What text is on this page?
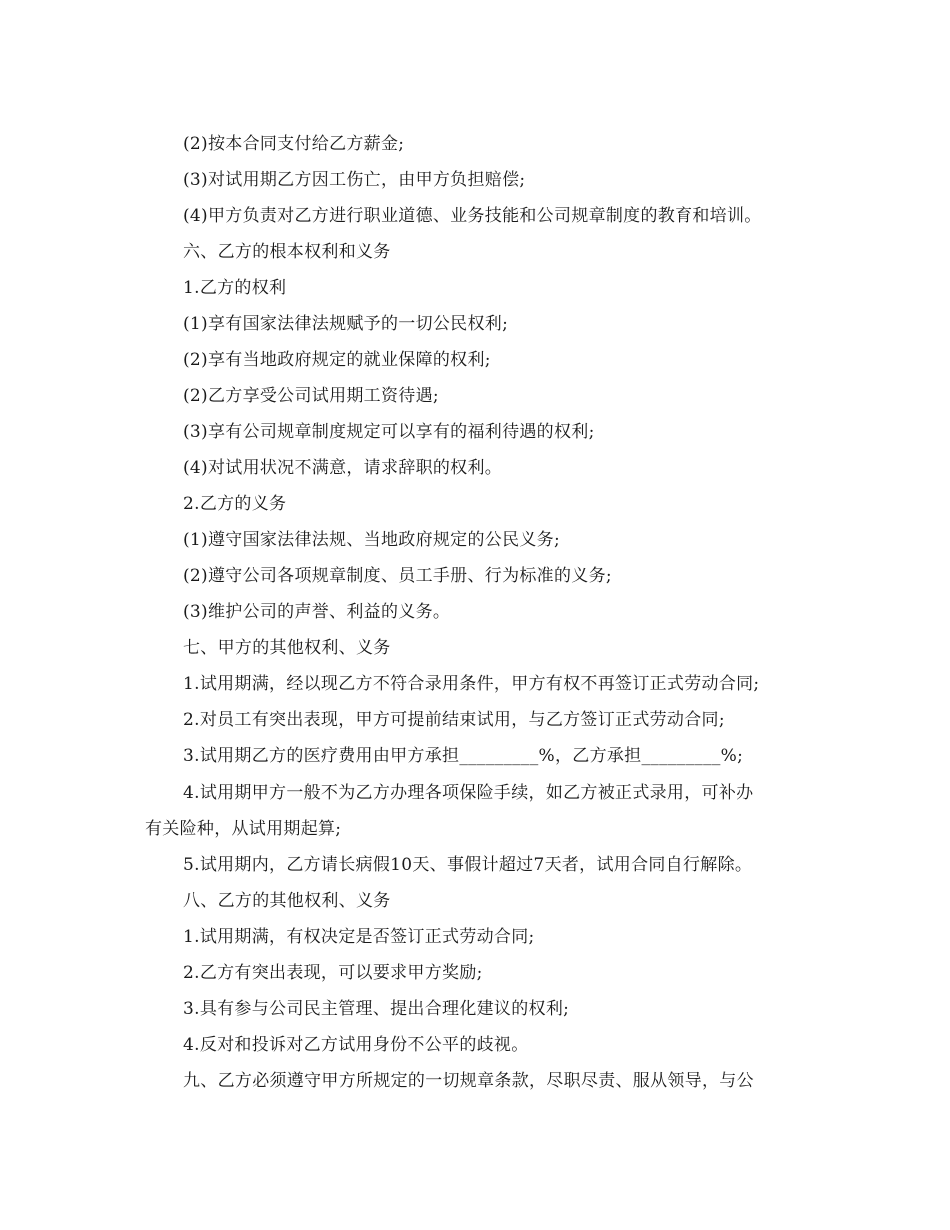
(2)按本合同支付给乙方薪金;
(3)对试用期乙方因工伤亡，由甲方负担赔偿;
(4)甲方负责对乙方进行职业道德、业务技能和公司规章制度的教育和培训。
六、乙方的根本权利和义务
1.乙方的权利
(1)享有国家法律法规赋予的一切公民权利;
(2)享有当地政府规定的就业保障的权利;
(2)乙方享受公司试用期工资待遇;
(3)享有公司规章制度规定可以享有的福利待遇的权利;
(4)对试用状况不满意，请求辞职的权利。
2.乙方的义务
(1)遵守国家法律法规、当地政府规定的公民义务;
(2)遵守公司各项规章制度、员工手册、行为标准的义务;
(3)维护公司的声誉、利益的义务。
七、甲方的其他权利、义务
1.试用期满，经以现乙方不符合录用条件，甲方有权不再签订正式劳动合同;
2.对员工有突出表现，甲方可提前结束试用，与乙方签订正式劳动合同;
3.试用期乙方的医疗费用由甲方承担_________%，乙方承担_________%;
4.试用期甲方一般不为乙方办理各项保险手续，如乙方被正式录用，可补办
有关险种，从试用期起算;
5.试用期内，乙方请长病假10天、事假计超过7天者，试用合同自行解除。
八、乙方的其他权利、义务
1.试用期满，有权决定是否签订正式劳动合同;
2.乙方有突出表现，可以要求甲方奖励;
3.具有参与公司民主管理、提出合理化建议的权利;
4.反对和投诉对乙方试用身份不公平的歧视。
九、乙方必须遵守甲方所规定的一切规章条款，尽职尽责、服从领导，与公
